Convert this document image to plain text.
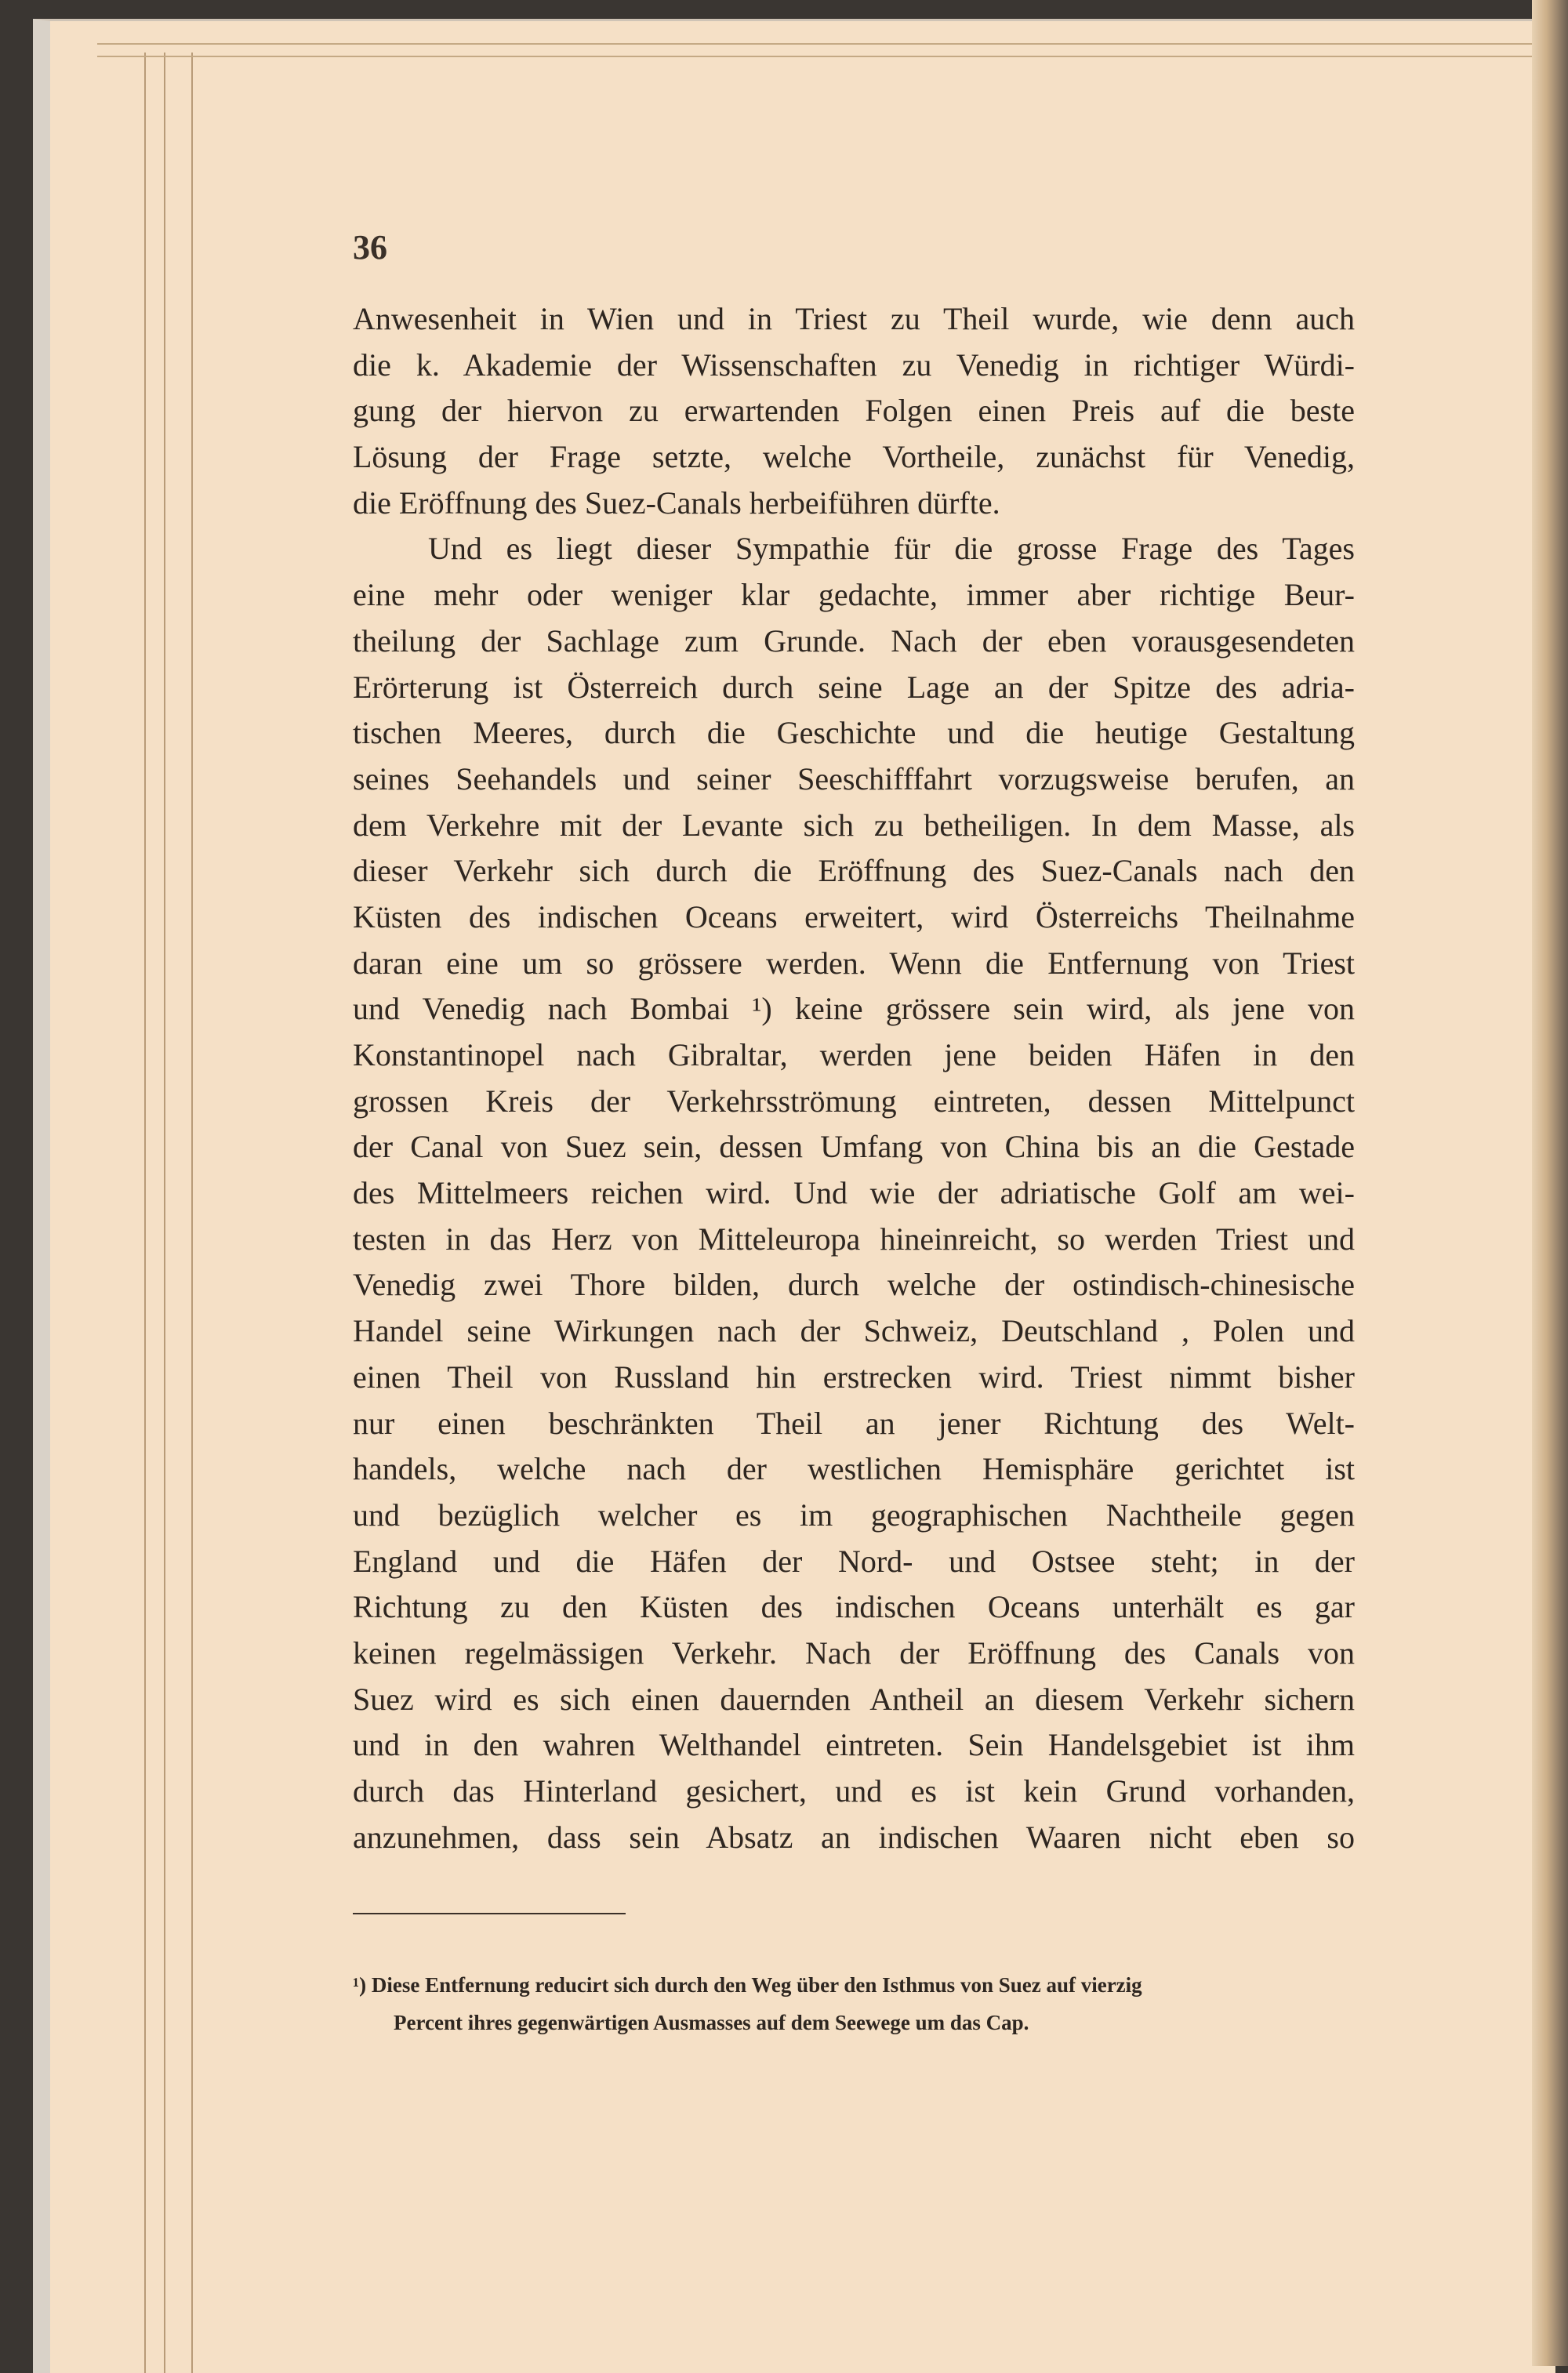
36
Anwesenheit in Wien und in Triest zu Theil wurde, wie denn auch
die k. Akademie der Wissenschaften zu Venedig in richtiger Würdi-
gung der hiervon zu erwartenden Folgen einen Preis auf die beste
Lösung der Frage setzte, welche Vortheile, zunächst für Venedig,
die Eröffnung des Suez-Canals herbeiführen dürfte.
Und es liegt dieser Sympathie für die grosse Frage des Tages
eine mehr oder weniger klar gedachte, immer aber richtige Beur-
theilung der Sachlage zum Grunde. Nach der eben vorausgesendeten
Erörterung ist Österreich durch seine Lage an der Spitze des adria-
tischen Meeres, durch die Geschichte und die heutige Gestaltung
seines Seehandels und seiner Seeschifffahrt vorzugsweise berufen, an
dem Verkehre mit der Levante sich zu betheiligen. In dem Masse, als
dieser Verkehr sich durch die Eröffnung des Suez-Canals nach den
Küsten des indischen Oceans erweitert, wird Österreichs Theilnahme
daran eine um so grössere werden. Wenn die Entfernung von Triest
und Venedig nach Bombai ¹) keine grössere sein wird, als jene von
Konstantinopel nach Gibraltar, werden jene beiden Häfen in den
grossen Kreis der Verkehrsströmung eintreten, dessen Mittelpunct
der Canal von Suez sein, dessen Umfang von China bis an die Gestade
des Mittelmeers reichen wird. Und wie der adriatische Golf am wei-
testen in das Herz von Mitteleuropa hineinreicht, so werden Triest und
Venedig zwei Thore bilden, durch welche der ostindisch-chinesische
Handel seine Wirkungen nach der Schweiz, Deutschland , Polen und
einen Theil von Russland hin erstrecken wird. Triest nimmt bisher
nur einen beschränkten Theil an jener Richtung des Welt-
handels, welche nach der westlichen Hemisphäre gerichtet ist
und bezüglich welcher es im geographischen Nachtheile gegen
England und die Häfen der Nord- und Ostsee steht; in der
Richtung zu den Küsten des indischen Oceans unterhält es gar
keinen regelmässigen Verkehr. Nach der Eröffnung des Canals von
Suez wird es sich einen dauernden Antheil an diesem Verkehr sichern
und in den wahren Welthandel eintreten. Sein Handelsgebiet ist ihm
durch das Hinterland gesichert, und es ist kein Grund vorhanden,
anzunehmen, dass sein Absatz an indischen Waaren nicht eben so
¹) Diese Entfernung reducirt sich durch den Weg über den Isthmus von Suez auf vierzig
Percent ihres gegenwärtigen Ausmasses auf dem Seewege um das Cap.
